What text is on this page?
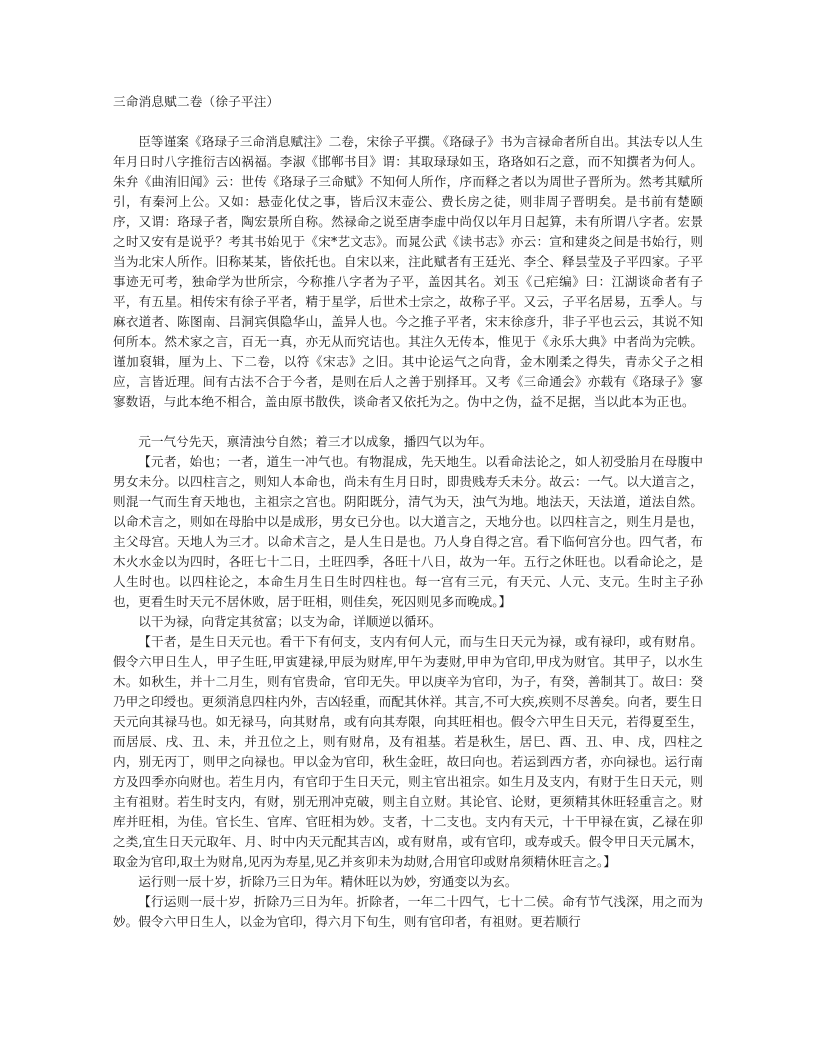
三命消息赋二卷（徐子平注）

臣等谨案《珞琭子三命消息赋注》二卷，宋徐子平撰。《珞碌子》书为言禄命者所自出。其法专以人生年月日时八字推衍吉凶祸福。李淑《邯郸书目》谓：其取琭琭如玉，珞珞如石之意，而不知撰者为何人。朱弁《曲洧旧闻》云：世传《珞琭子三命赋》不知何人所作，序而释之者以为周世子晋所为。然考其赋所引，有秦河上公。又如：悬壶化仗之事，皆后汉末壶公、费长房之徒，则非周子晋明矣。是书前有楚颐序，又谓：珞琭子者，陶宏景所自称。然禄命之说至唐李虚中尚仅以年月日起算，未有所谓八字者。宏景之时又安有是说乎？考其书始见于《宋*艺文志》。而晁公武《读书志》亦云：宣和建炎之间是书始行，则当为北宋人所作。旧称某某，皆依托也。自宋以来，注此赋者有王廷光、李仝、释昙莹及子平四家。子平事迹无可考，独命学为世所宗，今称推八字者为子平，盖因其名。刘玉《己疟编》曰：江湖谈命者有子平，有五星。相传宋有徐子平者，精于星学，后世术士宗之，故称子平。又云，子平名居易，五季人。与麻衣道者、陈图南、吕洞宾俱隐华山，盖异人也。今之推子平者，宋末徐彦升，非子平也云云，其说不知何所本。然术家之言，百无一真，亦无从而究诘也。其注久无传本，惟见于《永乐大典》中者尚为完帙。谨加裒辑，厘为上、下二卷，以符《宋志》之旧。其中论运气之向背，金木刚柔之得失，青赤父子之相应，言皆近理。间有古法不合于今者，是则在后人之善于别择耳。又考《三命通会》亦载有《珞琭子》寥寥数语，与此本绝不相合，盖由原书散佚，谈命者又依托为之。伪中之伪，益不足据，当以此本为正也。

元一气兮先天，禀清浊兮自然；着三才以成象，播四气以为年。

【元者，始也；一者，道生一冲气也。有物混成，先天地生。以看命法论之，如人初受胎月在母腹中男女未分。以四柱言之，则知人本命也，尚未有生月日时，即贵贱寿夭未分。故云：一气。以大道言之，则混一气而生育天地也，主祖宗之宫也。阴阳既分，清气为天，浊气为地。地法天，天法道，道法自然。以命术言之，则如在母胎中以是成形，男女已分也。以大道言之，天地分也。以四柱言之，则生月是也，主父母宫。天地人为三才。以命术言之，是人生日是也。乃人身自得之宫。看下临何宫分也。四气者，布木火水金以为四时，各旺七十二日，土旺四季，各旺十八日，故为一年。五行之休旺也。以看命论之，是人生时也。以四柱论之，本命生月生日生时四柱也。每一宫有三元，有天元、人元、支元。生时主子孙也，更看生时天元不居休败，居于旺相，则佳矣，死囚则见多而晚成。】

以干为禄，向背定其贫富；以支为命，详顺逆以循环。

【干者，是生日天元也。看干下有何支，支内有何人元，而与生日天元为禄，或有禄印，或有财帛。假令六甲日生人，甲子生旺,甲寅建禄,甲辰为财库,甲午为妻财,甲申为官印,甲戌为财官。其甲子，以水生木。如秋生，并十二月生，则有官贵命，官印无失。甲以庚辛为官印，为子，有癸，善制其丁。故曰：癸乃甲之印绶也。更须消息四柱内外，吉凶轻重，而配其休祥。其言,不可大疾,疾则不尽善矣。向者，要生日天元向其禄马也。如无禄马，向其财帛，或有向其寿限，向其旺相也。假令六甲生日天元，若得夏至生，而居辰、戌、丑、未，并丑位之上，则有财帛，及有祖基。若是秋生，居巳、酉、丑、申、戌，四柱之内，别无丙丁，则甲之向禄也。甲以金为官印，秋生金旺，故曰向也。若运到西方者，亦向禄也。运行南方及四季亦向财也。若生月内，有官印于生日天元，则主官出祖宗。如生月及支内，有财于生日天元，则主有祖财。若生时支内，有财，别无刑冲克破，则主自立财。其论官、论财，更须精其休旺轻重言之。财库并旺相，为佳。官长生、官库、官旺相为妙。支者，十二支也。支内有天元，十干甲禄在寅，乙禄在卯之类,宜生日天元取年、月、时中内天元配其吉凶，或有财帛，或有官印，或寿或夭。假令甲日天元属木，取金为官印,取土为财帛,见丙为寿星,见乙并亥卯未为劫财,合用官印或财帛须精休旺言之。】

运行则一辰十岁，折除乃三日为年。精休旺以为妙，穷通变以为玄。

【行运则一辰十岁，折除乃三日为年。折除者，一年二十四气，七十二侯。命有节气浅深，用之而为妙。假令六甲日生人，以金为官印，得六月下旬生，则有官印者，有祖财。更若顺行
